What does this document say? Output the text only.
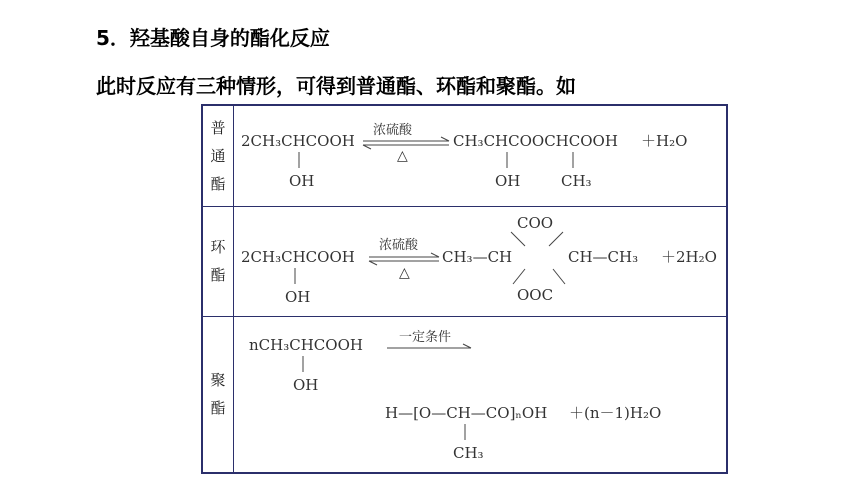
5．羟基酸自身的酯化反应
此时反应有三种情形，可得到普通酯、环酯和聚酯。如
普
通
酯
2CH₃CHCOOH
OH
浓硫酸
△
CH₃CHCOOCHCOOH
OH	CH₃
＋H₂O
环
酯
2CH₃CHCOOH
OH
浓硫酸
△
CH₃—CH
COO
CH—CH₃
OOC
＋2H₂O
聚
酯
nCH₃CHCOOH
OH
一定条件
H—[O—CH—CO]ₙOH
CH₃
＋(n－1)H₂O
